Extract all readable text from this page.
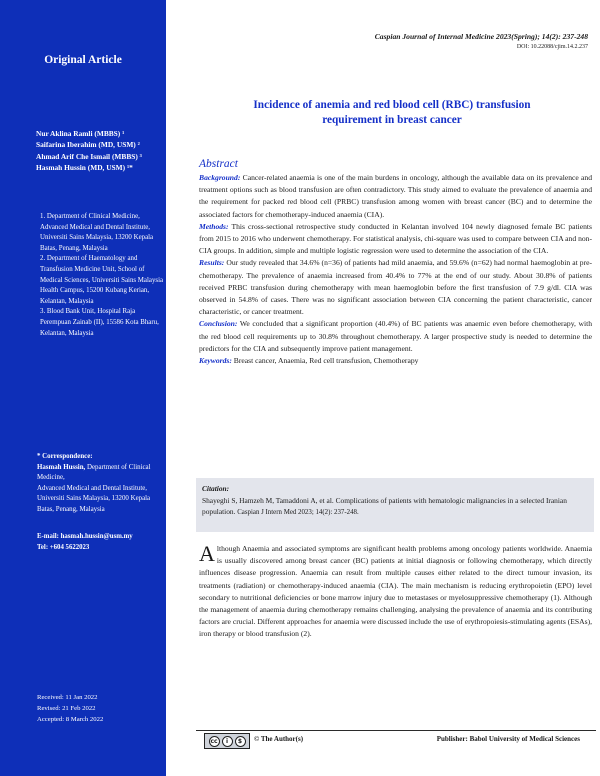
Original Article
Nur Aklina Ramli (MBBS) ¹
Saifarina Iberahim (MD, USM) ²
Ahmad Arif Che Ismail (MBBS) ³
Hasmah Hussin (MD, USM) ¹*

1. Department of Clinical Medicine, Advanced Medical and Dental Institute, Universiti Sains Malaysia, 13200 Kepala Batas, Penang, Malaysia

2. Department of Haematology and Transfusion Medicine Unit, School of Medical Sciences, Universiti Sains Malaysia Health Campus, 15200 Kubang Kerian, Kelantan, Malaysia

3. Blood Bank Unit, Hospital Raja Perempuan Zainab (II), 15586 Kota Bharu, Kelantan, Malaysia

* Correspondence:
Hasmah Hussin, Department of Clinical Medicine,
Advanced Medical and Dental Institute, Universiti Sains Malaysia, 13200 Kepala Batas, Penang, Malaysia
E-mail: hasmah.hussin@usm.my
Tel: +604 5622023
Received: 11 Jan 2022
Revised: 21 Feb 2022
Accepted: 8 March 2022
Caspian Journal of Internal Medicine 2023(Spring); 14(2): 237-248
DOI: 10.22088/cjim.14.2.237
Incidence of anemia and red blood cell (RBC) transfusion
requirement in breast cancer
Abstract

Background: Cancer-related anaemia is one of the main burdens in oncology, although the available data on its prevalence and treatment options such as blood transfusion are often contradictory. This study aimed to evaluate the prevalence of anaemia and the requirement for packed red blood cell (PRBC) transfusion among women with breast cancer (BC) and to determine the associated factors for chemotherapy-induced anaemia (CIA).

Methods: This cross-sectional retrospective study conducted in Kelantan involved 104 newly diagnosed female BC patients from 2015 to 2016 who underwent chemotherapy. For statistical analysis, chi-square was used to compare between CIA and non-CIA groups. In addition, simple and multiple logistic regression were used to determine the association of the CIA.

Results: Our study revealed that 34.6% (n=36) of patients had mild anaemia, and 59.6% (n=62) had normal haemoglobin at pre-chemotherapy. The prevalence of anaemia increased from 40.4% to 77% at the end of our study. About 30.8% of patients received PRBC transfusion during chemotherapy with mean haemoglobin before the first transfusion of 7.9 g/dl. CIA was observed in 54.8% of cases. There was no significant association between CIA concerning the patient characteristic, cancer characteristic, or cancer treatment.

Conclusion: We concluded that a significant proportion (40.4%) of BC patients was anaemic even before chemotherapy, with the red blood cell requirements up to 30.8% throughout chemotherapy. A larger prospective study is needed to determine the predictors for the CIA and subsequently improve patient management.

Keywords: Breast cancer, Anaemia, Red cell transfusion, Chemotherapy

Citation:
Shayeghi S, Hamzeh M, Tamaddoni A, et al. Complications of patients with hematologic malignancies in a selected Iranian population. Caspian J Intern Med 2023; 14(2): 237-248.
Although Anaemia and associated symptoms are significant health problems among oncology patients worldwide. Anaemia is usually discovered among breast cancer (BC) patients at initial diagnosis or following chemotherapy, which directly influences disease progression. Anaemia can result from multiple causes either related to the direct tumour invasion, its treatments (radiation) or chemotherapy-induced anaemia (CIA). The main mechanism is reducing erythropoietin (EPO) level secondary to nutritional deficiencies or bone marrow injury due to metastases or myelosuppressive chemotherapy (1). Although the management of anaemia during chemotherapy remains challenging, analysing the prevalence of anaemia and its contributing factors are crucial. Different approaches for anaemia were discussed include the use of erythropoiesis-stimulating agents (ESAs), iron therapy or blood transfusion (2).
cc	i	$	© The Author(s)	Publisher: Babol University of Medical Sciences
